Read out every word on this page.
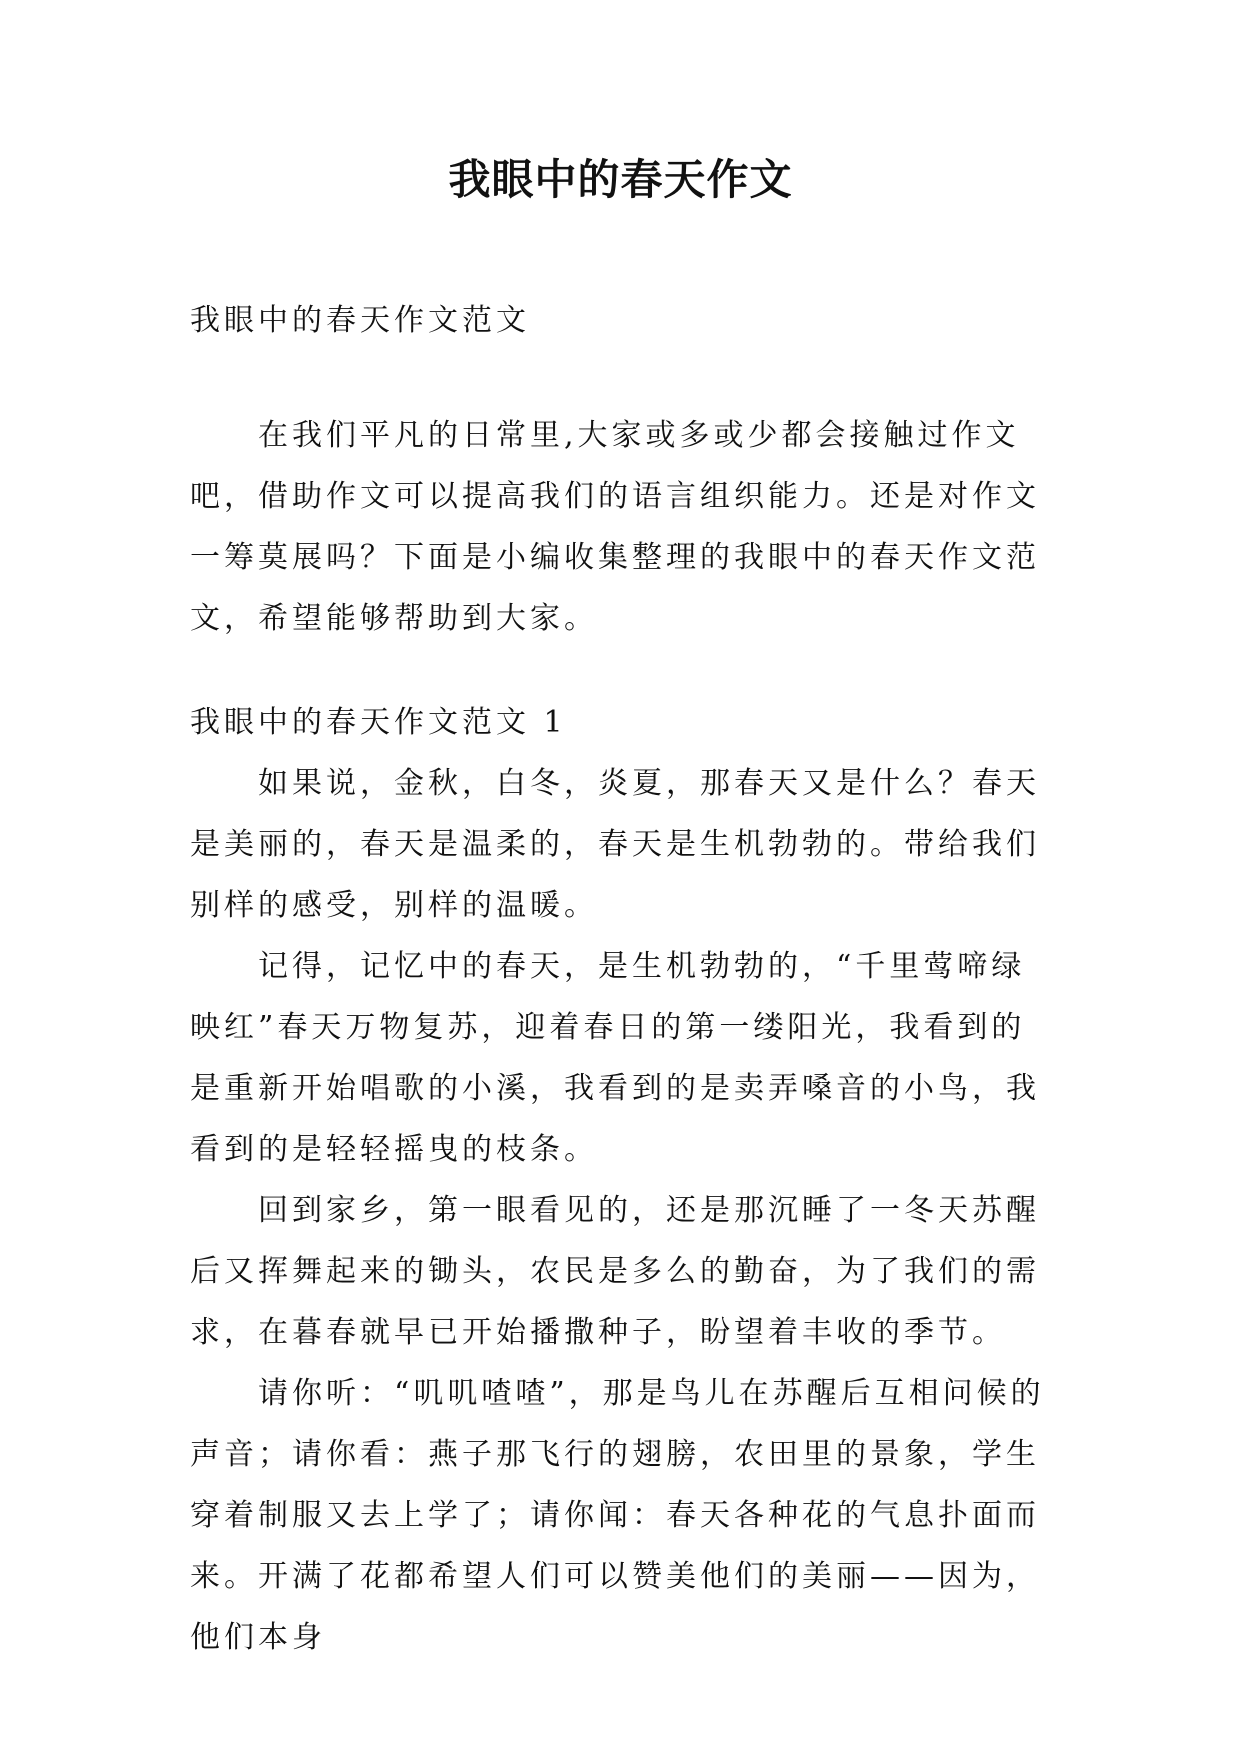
我眼中的春天作文
我眼中的春天作文范文

在我们平凡的日常里,大家或多或少都会接触过作文吧，借助作文可以提高我们的语言组织能力。还是对作文一筹莫展吗？下面是小编收集整理的我眼中的春天作文范文，希望能够帮助到大家。

我眼中的春天作文范文 1

如果说，金秋，白冬，炎夏，那春天又是什么？春天是美丽的，春天是温柔的，春天是生机勃勃的。带给我们别样的感受，别样的温暖。

记得，记忆中的春天，是生机勃勃的，“千里莺啼绿映红”春天万物复苏，迎着春日的第一缕阳光，我看到的是重新开始唱歌的小溪，我看到的是卖弄嗓音的小鸟，我看到的是轻轻摇曳的枝条。

回到家乡，第一眼看见的，还是那沉睡了一冬天苏醒后又挥舞起来的锄头，农民是多么的勤奋，为了我们的需求，在暮春就早已开始播撒种子，盼望着丰收的季节。

请你听：“叽叽喳喳”，那是鸟儿在苏醒后互相问候的声音；请你看：燕子那飞行的翅膀，农田里的景象，学生穿着制服又去上学了；请你闻：春天各种花的气息扑面而来。开满了花都希望人们可以赞美他们的美丽——因为，他们本身
